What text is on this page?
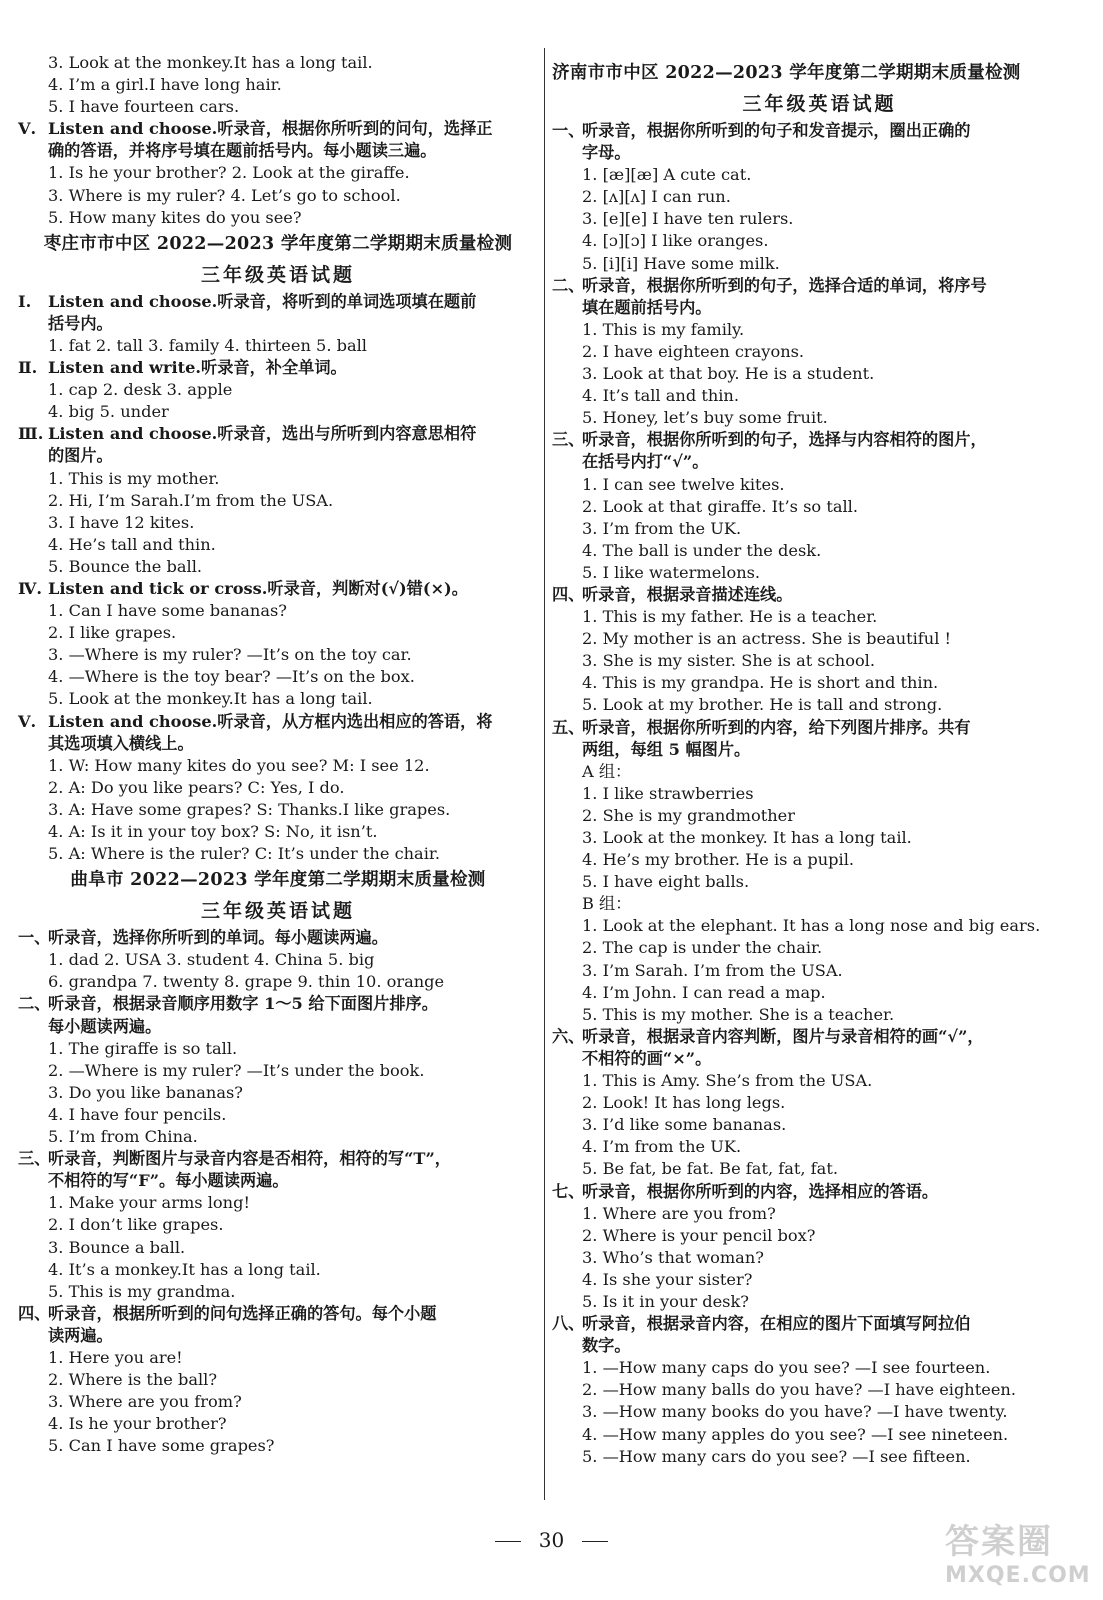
3. Look at the monkey.It has a long tail.
4. I’m a girl.I have long hair.
5. I have fourteen cars.
Ⅴ. Listen and choose.听录音，根据你所听到的问句，选择正
确的答语，并将序号填在题前括号内。每小题读三遍。
1. Is he your brother? 2. Look at the giraffe.
3. Where is my ruler? 4. Let’s go to school.
5. How many kites do you see?
枣庄市市中区 2022—2023 学年度第二学期期末质量检测
三年级英语试题
Ⅰ. Listen and choose.听录音，将听到的单词选项填在题前
括号内。
1. fat 2. tall 3. family 4. thirteen 5. ball
Ⅱ. Listen and write.听录音，补全单词。
1. cap 2. desk 3. apple
4. big 5. under
Ⅲ. Listen and choose.听录音，选出与所听到内容意思相符
的图片。
1. This is my mother.
2. Hi, I’m Sarah.I’m from the USA.
3. I have 12 kites.
4. He’s tall and thin.
5. Bounce the ball.
Ⅳ. Listen and tick or cross.听录音，判断对(√)错(×)。
1. Can I have some bananas?
2. I like grapes.
3. —Where is my ruler? —It’s on the toy car.
4. —Where is the toy bear? —It’s on the box.
5. Look at the monkey.It has a long tail.
Ⅴ. Listen and choose.听录音，从方框内选出相应的答语，将
其选项填入横线上。
1. W: How many kites do you see? M: I see 12.
2. A: Do you like pears? C: Yes, I do.
3. A: Have some grapes? S: Thanks.I like grapes.
4. A: Is it in your toy box? S: No, it isn’t.
5. A: Where is the ruler? C: It’s under the chair.
曲阜市 2022—2023 学年度第二学期期末质量检测
三年级英语试题
一、听录音，选择你所听到的单词。每小题读两遍。
1. dad 2. USA 3. student 4. China 5. big
6. grandpa 7. twenty 8. grape 9. thin 10. orange
二、听录音，根据录音顺序用数字 1～5 给下面图片排序。
每小题读两遍。
1. The giraffe is so tall.
2. —Where is my ruler? —It’s under the book.
3. Do you like bananas?
4. I have four pencils.
5. I’m from China.
三、听录音，判断图片与录音内容是否相符，相符的写“T”，
不相符的写“F”。每小题读两遍。
1. Make your arms long!
2. I don’t like grapes.
3. Bounce a ball.
4. It’s a monkey.It has a long tail.
5. This is my grandma.
四、听录音，根据所听到的问句选择正确的答句。每个小题
读两遍。
1. Here you are!
2. Where is the ball?
3. Where are you from?
4. Is he your brother?
5. Can I have some grapes?
济南市市中区 2022—2023 学年度第二学期期末质量检测
三年级英语试题
一、听录音，根据你所听到的句子和发音提示，圈出正确的
字母。
1. [æ][æ] A cute cat.
2. [ʌ][ʌ] I can run.
3. [e][e] I have ten rulers.
4. [ɔ][ɔ] I like oranges.
5. [i][i] Have some milk.
二、听录音，根据你所听到的句子，选择合适的单词，将序号
填在题前括号内。
1. This is my family.
2. I have eighteen crayons.
3. Look at that boy. He is a student.
4. It’s tall and thin.
5. Honey, let’s buy some fruit.
三、听录音，根据你所听到的句子，选择与内容相符的图片，
在括号内打“√”。
1. I can see twelve kites.
2. Look at that giraffe. It’s so tall.
3. I’m from the UK.
4. The ball is under the desk.
5. I like watermelons.
四、听录音，根据录音描述连线。
1. This is my father. He is a teacher.
2. My mother is an actress. She is beautiful !
3. She is my sister. She is at school.
4. This is my grandpa. He is short and thin.
5. Look at my brother. He is tall and strong.
五、听录音，根据你所听到的内容，给下列图片排序。共有
两组，每组 5 幅图片。
A 组：
1. I like strawberries
2. She is my grandmother
3. Look at the monkey. It has a long tail.
4. He’s my brother. He is a pupil.
5. I have eight balls.
B 组：
1. Look at the elephant. It has a long nose and big ears.
2. The cap is under the chair.
3. I’m Sarah. I’m from the USA.
4. I’m John. I can read a map.
5. This is my mother. She is a teacher.
六、听录音，根据录音内容判断，图片与录音相符的画“√”，
不相符的画“×”。
1. This is Amy. She’s from the USA.
2. Look! It has long legs.
3. I’d like some bananas.
4. I’m from the UK.
5. Be fat, be fat. Be fat, fat, fat.
七、听录音，根据你所听到的内容，选择相应的答语。
1. Where are you from?
2. Where is your pencil box?
3. Who’s that woman?
4. Is she your sister?
5. Is it in your desk?
八、听录音，根据录音内容，在相应的图片下面填写阿拉伯
数字。
1. —How many caps do you see? —I see fourteen.
2. —How many balls do you have? —I have eighteen.
3. —How many books do you have? —I have twenty.
4. —How many apples do you see? —I see nineteen.
5. —How many cars do you see? —I see fifteen.
30	答案圈
MXQE.COM
